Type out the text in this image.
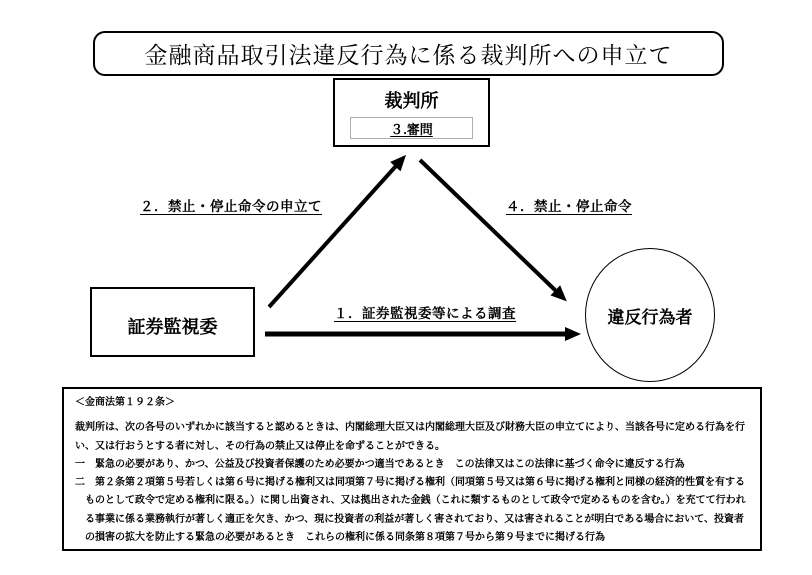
金融商品取引法違反行為に係る裁判所への申立て
裁判所
３.審問
証券監視委	違反行為者
２．禁止・停止命令の申立て	４．禁止・停止命令
１．証券監視委等による調査

＜金商法第１９２条＞

裁判所は、次の各号のいずれかに該当すると認めるときは、内閣総理大臣又は内閣総理大臣及び財務大臣の申立てにより、当該各号に定める行為を行い、又は行おうとする者に対し、その行為の禁止又は停止を命ずることができる。

一　緊急の必要があり、かつ、公益及び投資者保護のため必要かつ適当であるとき　この法律又はこの法律に基づく命令に違反する行為

二　第２条第２項第５号若しくは第６号に掲げる権利又は同項第７号に掲げる権利（同項第５号又は第６号に掲げる権利と同様の経済的性質を有するものとして政令で定める権利に限る。）に関し出資され、又は拠出された金銭（これに類するものとして政令で定めるものを含む。）を充てて行われる事業に係る業務執行が著しく適正を欠き、かつ、現に投資者の利益が著しく害されており、又は害されることが明白である場合において、投資者の損害の拡大を防止する緊急の必要があるとき　これらの権利に係る同条第８項第７号から第９号までに掲げる行為
